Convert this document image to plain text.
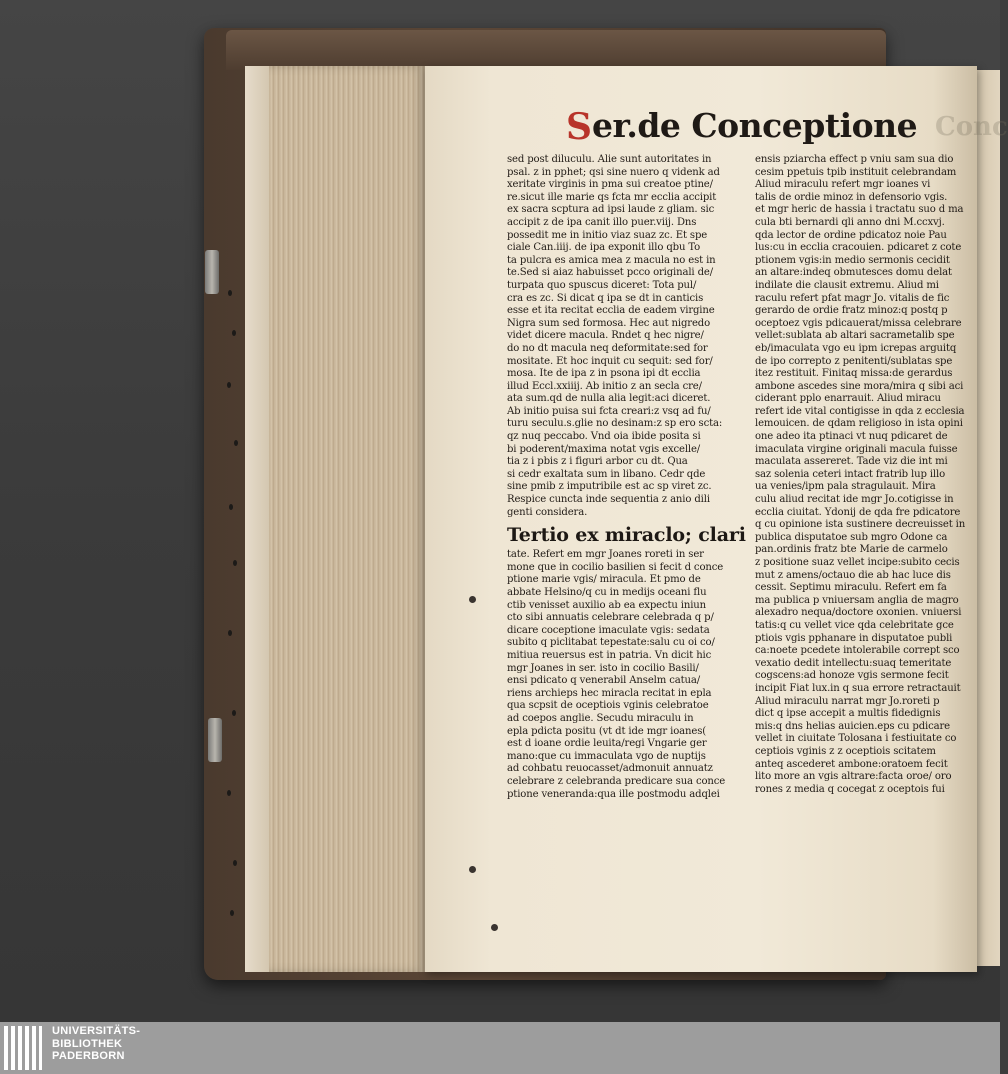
Conc
Ser.de Conceptione
sed post diluculu. Alie sunt autoritates in
psal. z in pphet; qsi sine nuero q videnk ad
xeritate virginis in pma sui creatoe ptine/
re.sicut ille marie qs fcta mr ecclia accipit
ex sacra scptura ad ipsi laude z gliam. sic
accipit z de ipa canit illo puer.viij. Dns
possedit me in initio viaz suaz zc. Et spe
ciale Can.iiij. de ipa exponit illo qbu To
ta pulcra es amica mea z macula no est in
te.Sed si aiaz habuisset pcco originali de/
turpata quo spuscus diceret: Tota pul/
cra es zc. Si dicat q ipa se dt in canticis
esse et ita recitat ecclia de eadem virgine
Nigra sum sed formosa. Hec aut nigredo
videt dicere macula. Rndet q hec nigre/
do no dt macula neq deformitate:sed for
mositate. Et hoc inquit cu sequit: sed for/
mosa. Ite de ipa z in psona ipi dt ecclia
illud Eccl.xxiiij. Ab initio z an secla cre/
ata sum.qd de nulla alia legit:aci diceret.
Ab initio puisa sui fcta creari:z vsq ad fu/
turu seculu.s.glie no desinam:z sp ero scta:
qz nuq peccabo. Vnd oia ibide posita si
bi poderent/maxima notat vgis excelle/
tia z i pbis z i figuri arbor cu dt. Qua
si cedr exaltata sum in libano. Cedr qde
sine pmib z imputribile est ac sp viret zc.
Respice cuncta inde sequentia z anio dili
genti considera.
Tertio ex miraclo; clari
tate. Refert em mgr Joanes roreti in ser
mone que in cocilio basilien si fecit d conce
ptione marie vgis/ miracula. Et pmo de
abbate Helsino/q cu in medijs oceani flu
ctib venisset auxilio ab ea expectu iniun
cto sibi annuatis celebrare celebrada q p/
dicare coceptione imaculate vgis: sedata
subito q piclitabat tepestate:salu cu oi co/
mitiua reuersus est in patria. Vn dicit hic
mgr Joanes in ser. isto in cocilio Basili/
ensi pdicato q venerabil Anselm catua/
riens archieps hec miracla recitat in epla
qua scpsit de oceptiois vginis celebratoe
ad coepos anglie. Secudu miraculu in
epla pdicta positu (vt dt ide mgr ioanes(
est d ioane ordie leuita/regi Vngarie ger
mano:que cu immaculata vgo de nuptijs
ad cohbatu reuocasset/admonuit annuatz
celebrare z celebranda predicare sua conce
ptione veneranda:qua ille postmodu adqlei
ensis pziarcha effect p vniu sam sua dio
cesim ppetuis tpib instituit celebrandam
Aliud miraculu refert mgr ioanes vi
talis de ordie minoz in defensorio vgis.
et mgr heric de hassia i tractatu suo d ma
cula bti bernardi qli anno dni M.ccxvj.
qda lector de ordine pdicatoz noie Pau
lus:cu in ecclia cracouien. pdicaret z cote
ptionem vgis:in medio sermonis cecidit
an altare:indeq obmutesces domu delat
indilate die clausit extremu. Aliud mi
raculu refert pfat magr Jo. vitalis de fic
gerardo de ordie fratz minoz:q postq p
oceptoez vgis pdicauerat/missa celebrare
vellet:sublata ab altari sacrametalib spe
eb/imaculata vgo eu ipm icrepas arguitq
de ipo correpto z penitenti/sublatas spe
itez restituit. Finitaq missa:de gerardus
ambone ascedes sine mora/mira q sibi aci
ciderant pplo enarrauit. Aliud miracu
refert ide vital contigisse in qda z ecclesia
lemouicen. de qdam religioso in ista opini
one adeo ita ptinaci vt nuq pdicaret de
imaculata virgine originali macula fuisse
maculata assereret. Tade viz die int mi
saz solenia ceteri intact fratrib lup illo
ua venies/ipm pala stragulauit. Mira
culu aliud recitat ide mgr Jo.cotigisse in
ecclia ciuitat. Ydonij de qda fre pdicatore
q cu opinione ista sustinere decreuisset in
publica disputatoe sub mgro Odone ca
pan.ordinis fratz bte Marie de carmelo
z positione suaz vellet incipe:subito cecis
mut z amens/octauo die ab hac luce dis
cessit. Septimu miraculu. Refert em fa
ma publica p vniuersam anglia de magro
alexadro nequa/doctore oxonien. vniuersi
tatis:q cu vellet vice qda celebritate gce
ptiois vgis pphanare in disputatoe publi
ca:noete pcedete intolerabile corrept sco
vexatio dedit intellectu:suaq temeritate
cogscens:ad honoze vgis sermone fecit
incipit Fiat lux.in q sua errore retractauit
Aliud miraculu narrat mgr Jo.roreti p
dict q ipse accepit a multis fidedignis
mis:q dns helias auicien.eps cu pdicare
vellet in ciuitate Tolosana i festiuitate co
ceptiois vginis z z oceptiois scitatem
anteq ascederet ambone:oratoem fecit
lito more an vgis altrare:facta oroe/ oro
rones z media q cocegat z oceptois fui
UNIVERSITÄTS-
BIBLIOTHEK
PADERBORN
